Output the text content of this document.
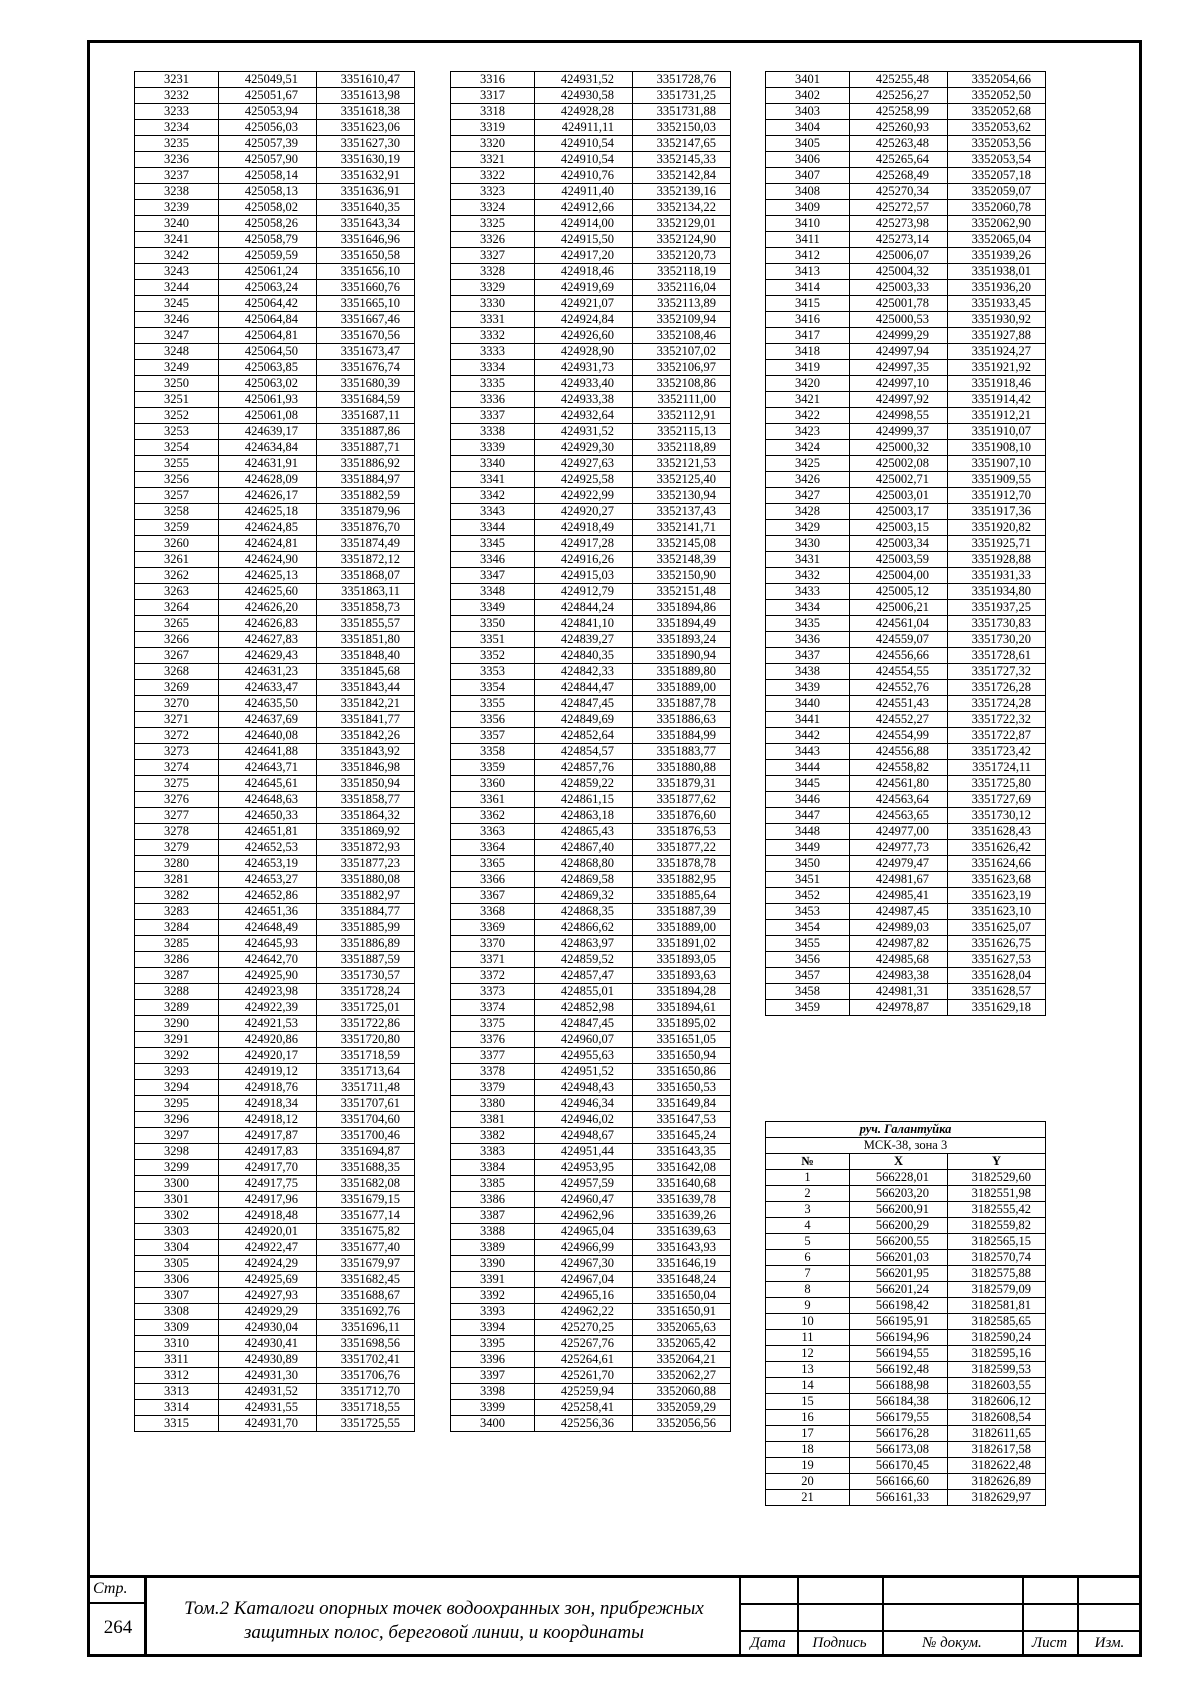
3231	425049,51	3351610,47
3232	425051,67	3351613,98
3233	425053,94	3351618,38
3234	425056,03	3351623,06
3235	425057,39	3351627,30
3236	425057,90	3351630,19
3237	425058,14	3351632,91
3238	425058,13	3351636,91
3239	425058,02	3351640,35
3240	425058,26	3351643,34
3241	425058,79	3351646,96
3242	425059,59	3351650,58
3243	425061,24	3351656,10
3244	425063,24	3351660,76
3245	425064,42	3351665,10
3246	425064,84	3351667,46
3247	425064,81	3351670,56
3248	425064,50	3351673,47
3249	425063,85	3351676,74
3250	425063,02	3351680,39
3251	425061,93	3351684,59
3252	425061,08	3351687,11
3253	424639,17	3351887,86
3254	424634,84	3351887,71
3255	424631,91	3351886,92
3256	424628,09	3351884,97
3257	424626,17	3351882,59
3258	424625,18	3351879,96
3259	424624,85	3351876,70
3260	424624,81	3351874,49
3261	424624,90	3351872,12
3262	424625,13	3351868,07
3263	424625,60	3351863,11
3264	424626,20	3351858,73
3265	424626,83	3351855,57
3266	424627,83	3351851,80
3267	424629,43	3351848,40
3268	424631,23	3351845,68
3269	424633,47	3351843,44
3270	424635,50	3351842,21
3271	424637,69	3351841,77
3272	424640,08	3351842,26
3273	424641,88	3351843,92
3274	424643,71	3351846,98
3275	424645,61	3351850,94
3276	424648,63	3351858,77
3277	424650,33	3351864,32
3278	424651,81	3351869,92
3279	424652,53	3351872,93
3280	424653,19	3351877,23
3281	424653,27	3351880,08
3282	424652,86	3351882,97
3283	424651,36	3351884,77
3284	424648,49	3351885,99
3285	424645,93	3351886,89
3286	424642,70	3351887,59
3287	424925,90	3351730,57
3288	424923,98	3351728,24
3289	424922,39	3351725,01
3290	424921,53	3351722,86
3291	424920,86	3351720,80
3292	424920,17	3351718,59
3293	424919,12	3351713,64
3294	424918,76	3351711,48
3295	424918,34	3351707,61
3296	424918,12	3351704,60
3297	424917,87	3351700,46
3298	424917,83	3351694,87
3299	424917,70	3351688,35
3300	424917,75	3351682,08
3301	424917,96	3351679,15
3302	424918,48	3351677,14
3303	424920,01	3351675,82
3304	424922,47	3351677,40
3305	424924,29	3351679,97
3306	424925,69	3351682,45
3307	424927,93	3351688,67
3308	424929,29	3351692,76
3309	424930,04	3351696,11
3310	424930,41	3351698,56
3311	424930,89	3351702,41
3312	424931,30	3351706,76
3313	424931,52	3351712,70
3314	424931,55	3351718,55
3315	424931,70	3351725,55
3316	424931,52	3351728,76
3317	424930,58	3351731,25
3318	424928,28	3351731,88
3319	424911,11	3352150,03
3320	424910,54	3352147,65
3321	424910,54	3352145,33
3322	424910,76	3352142,84
3323	424911,40	3352139,16
3324	424912,66	3352134,22
3325	424914,00	3352129,01
3326	424915,50	3352124,90
3327	424917,20	3352120,73
3328	424918,46	3352118,19
3329	424919,69	3352116,04
3330	424921,07	3352113,89
3331	424924,84	3352109,94
3332	424926,60	3352108,46
3333	424928,90	3352107,02
3334	424931,73	3352106,97
3335	424933,40	3352108,86
3336	424933,38	3352111,00
3337	424932,64	3352112,91
3338	424931,52	3352115,13
3339	424929,30	3352118,89
3340	424927,63	3352121,53
3341	424925,58	3352125,40
3342	424922,99	3352130,94
3343	424920,27	3352137,43
3344	424918,49	3352141,71
3345	424917,28	3352145,08
3346	424916,26	3352148,39
3347	424915,03	3352150,90
3348	424912,79	3352151,48
3349	424844,24	3351894,86
3350	424841,10	3351894,49
3351	424839,27	3351893,24
3352	424840,35	3351890,94
3353	424842,33	3351889,80
3354	424844,47	3351889,00
3355	424847,45	3351887,78
3356	424849,69	3351886,63
3357	424852,64	3351884,99
3358	424854,57	3351883,77
3359	424857,76	3351880,88
3360	424859,22	3351879,31
3361	424861,15	3351877,62
3362	424863,18	3351876,60
3363	424865,43	3351876,53
3364	424867,40	3351877,22
3365	424868,80	3351878,78
3366	424869,58	3351882,95
3367	424869,32	3351885,64
3368	424868,35	3351887,39
3369	424866,62	3351889,00
3370	424863,97	3351891,02
3371	424859,52	3351893,05
3372	424857,47	3351893,63
3373	424855,01	3351894,28
3374	424852,98	3351894,61
3375	424847,45	3351895,02
3376	424960,07	3351651,05
3377	424955,63	3351650,94
3378	424951,52	3351650,86
3379	424948,43	3351650,53
3380	424946,34	3351649,84
3381	424946,02	3351647,53
3382	424948,67	3351645,24
3383	424951,44	3351643,35
3384	424953,95	3351642,08
3385	424957,59	3351640,68
3386	424960,47	3351639,78
3387	424962,96	3351639,26
3388	424965,04	3351639,63
3389	424966,99	3351643,93
3390	424967,30	3351646,19
3391	424967,04	3351648,24
3392	424965,16	3351650,04
3393	424962,22	3351650,91
3394	425270,25	3352065,63
3395	425267,76	3352065,42
3396	425264,61	3352064,21
3397	425261,70	3352062,27
3398	425259,94	3352060,88
3399	425258,41	3352059,29
3400	425256,36	3352056,56
3401	425255,48	3352054,66
3402	425256,27	3352052,50
3403	425258,99	3352052,68
3404	425260,93	3352053,62
3405	425263,48	3352053,56
3406	425265,64	3352053,54
3407	425268,49	3352057,18
3408	425270,34	3352059,07
3409	425272,57	3352060,78
3410	425273,98	3352062,90
3411	425273,14	3352065,04
3412	425006,07	3351939,26
3413	425004,32	3351938,01
3414	425003,33	3351936,20
3415	425001,78	3351933,45
3416	425000,53	3351930,92
3417	424999,29	3351927,88
3418	424997,94	3351924,27
3419	424997,35	3351921,92
3420	424997,10	3351918,46
3421	424997,92	3351914,42
3422	424998,55	3351912,21
3423	424999,37	3351910,07
3424	425000,32	3351908,10
3425	425002,08	3351907,10
3426	425002,71	3351909,55
3427	425003,01	3351912,70
3428	425003,17	3351917,36
3429	425003,15	3351920,82
3430	425003,34	3351925,71
3431	425003,59	3351928,88
3432	425004,00	3351931,33
3433	425005,12	3351934,80
3434	425006,21	3351937,25
3435	424561,04	3351730,83
3436	424559,07	3351730,20
3437	424556,66	3351728,61
3438	424554,55	3351727,32
3439	424552,76	3351726,28
3440	424551,43	3351724,28
3441	424552,27	3351722,32
3442	424554,99	3351722,87
3443	424556,88	3351723,42
3444	424558,82	3351724,11
3445	424561,80	3351725,80
3446	424563,64	3351727,69
3447	424563,65	3351730,12
3448	424977,00	3351628,43
3449	424977,73	3351626,42
3450	424979,47	3351624,66
3451	424981,67	3351623,68
3452	424985,41	3351623,19
3453	424987,45	3351623,10
3454	424989,03	3351625,07
3455	424987,82	3351626,75
3456	424985,68	3351627,53
3457	424983,38	3351628,04
3458	424981,31	3351628,57
3459	424978,87	3351629,18
руч. Галантуйка		
МСК-38, зона 3		
№	X	Y
1	566228,01	3182529,60
2	566203,20	3182551,98
3	566200,91	3182555,42
4	566200,29	3182559,82
5	566200,55	3182565,15
6	566201,03	3182570,74
7	566201,95	3182575,88
8	566201,24	3182579,09
9	566198,42	3182581,81
10	566195,91	3182585,65
11	566194,96	3182590,24
12	566194,55	3182595,16
13	566192,48	3182599,53
14	566188,98	3182603,55
15	566184,38	3182606,12
16	566179,55	3182608,54
17	566176,28	3182611,65
18	566173,08	3182617,58
19	566170,45	3182622,48
20	566166,60	3182626,89
21	566161,33	3182629,97
Стр.
264
Том.2 Каталоги опорных точек водоохранных зон, прибрежных защитных полос, береговой линии, и координаты	Дата	Подпись	№ докум.	Лист	Изм.
